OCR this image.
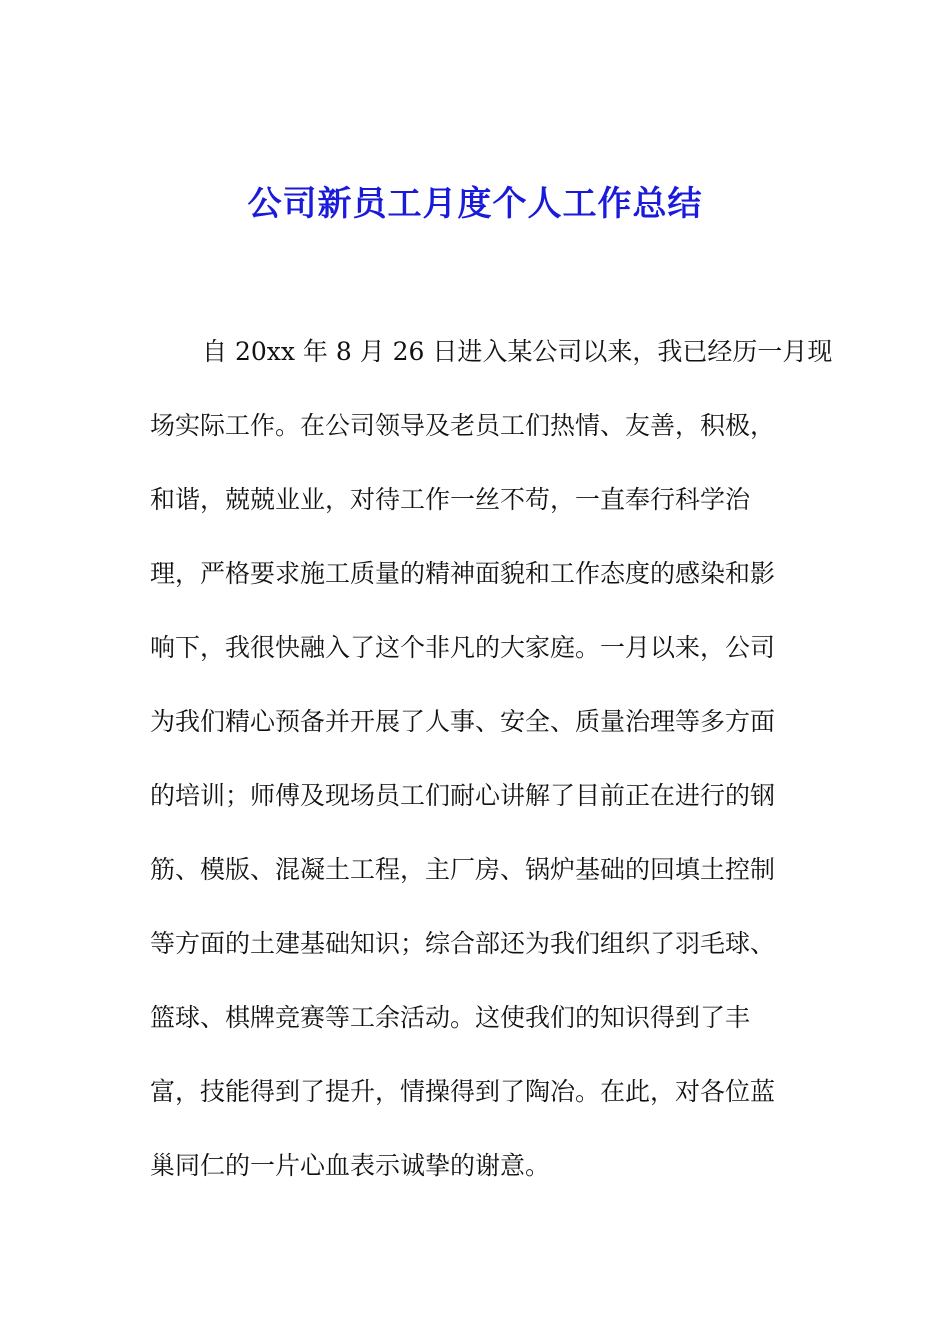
公司新员工月度个人工作总结
自 20xx 年 8 月 26 日进入某公司以来，我已经历一月现
场实际工作。在公司领导及老员工们热情、友善，积极，
和谐，兢兢业业，对待工作一丝不苟，一直奉行科学治
理，严格要求施工质量的精神面貌和工作态度的感染和影
响下，我很快融入了这个非凡的大家庭。一月以来，公司
为我们精心预备并开展了人事、安全、质量治理等多方面
的培训；师傅及现场员工们耐心讲解了目前正在进行的钢
筋、模版、混凝土工程，主厂房、锅炉基础的回填土控制
等方面的土建基础知识；综合部还为我们组织了羽毛球、
篮球、棋牌竞赛等工余活动。这使我们的知识得到了丰
富，技能得到了提升，情操得到了陶冶。在此，对各位蓝
巢同仁的一片心血表示诚挚的谢意。
